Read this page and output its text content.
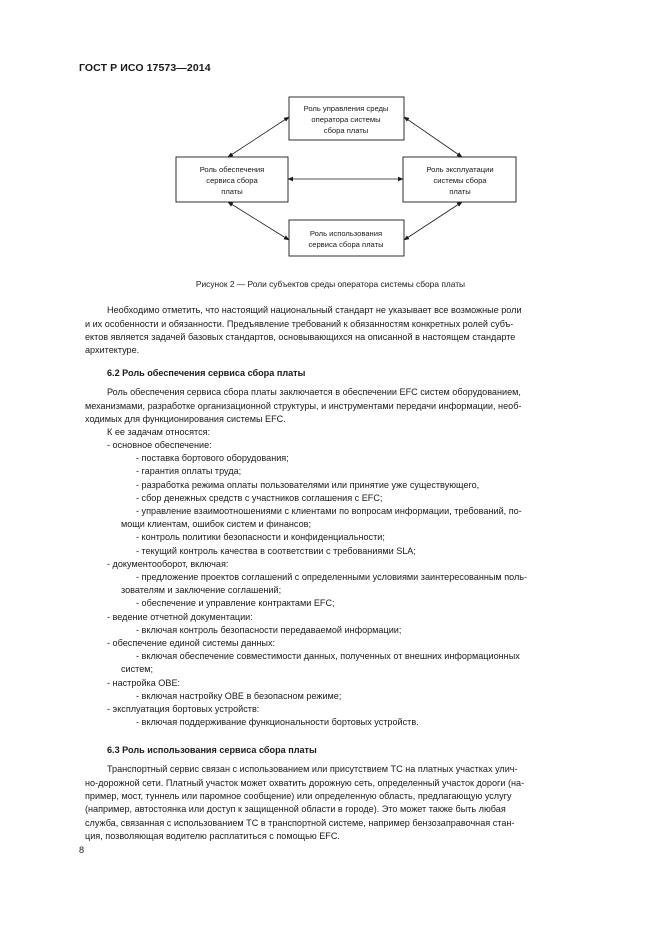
ГОСТ Р ИСО 17573—2014
Роль управления среды
оператора системы
сбора платы
Роль обеспечения
сервиса сбора
платы
Роль эксплуатации
системы сбора
платы
Роль использования
сервиса сбора платы
Рисунок 2 — Роли субъектов среды оператора системы сбора платы
Необходимо отметить, что настоящий национальный стандарт не указывает все возможные роли
и их особенности и обязанности. Предъявление требований к обязанностям конкретных ролей субъ-
ектов является задачей базовых стандартов, основывающихся на описанной в настоящем стандарте
архитектуре.
6.2 Роль обеспечения сервиса сбора платы
Роль обеспечения сервиса сбора платы заключается в обеспечении EFC систем оборудованием,
механизмами, разработке организационной структуры, и инструментами передачи информации, необ-
ходимых для функционирования системы EFC.
К ее задачам относятся:
- основное обеспечение:
- поставка бортового оборудования;
- гарантия оплаты труда;
- разработка режима оплаты пользователями или принятие уже существующего,
- сбор денежных средств с участников соглашения с EFC;
- управление взаимоотношениями с клиентами по вопросам информации, требований, по-
мощи клиентам, ошибок систем и финансов;
- контроль политики безопасности и конфиденциальности;
- текущий контроль качества в соответствии с требованиями SLA;
- документооборот, включая:
- предложение проектов соглашений с определенными условиями заинтересованным поль-
зователям и заключение соглашений;
- обеспечение и управление контрактами EFC;
- ведение отчетной документации:
- включая контроль безопасности передаваемой информации;
- обеспечение единой системы данных:
- включая обеспечение совместимости данных, полученных от внешних информационных
систем;
- настройка OBE:
- включая настройку OBE в безопасном режиме;
- эксплуатация бортовых устройств:
- включая поддерживание функциональности бортовых устройств.
6.3 Роль использования сервиса сбора платы
Транспортный сервис связан с использованием или присутствием ТС на платных участках улич-
но-дорожной сети. Платный участок может охватить дорожную сеть, определенный участок дороги (на-
пример, мост, туннель или паромное сообщение) или определенную область, предлагающую услугу
(например, автостоянка или доступ к защищенной области в городе). Это может также быть любая
служба, связанная с использованием ТС в транспортной системе, например бензозаправочная стан-
ция, позволяющая водителю расплатиться с помощью EFC.
8
